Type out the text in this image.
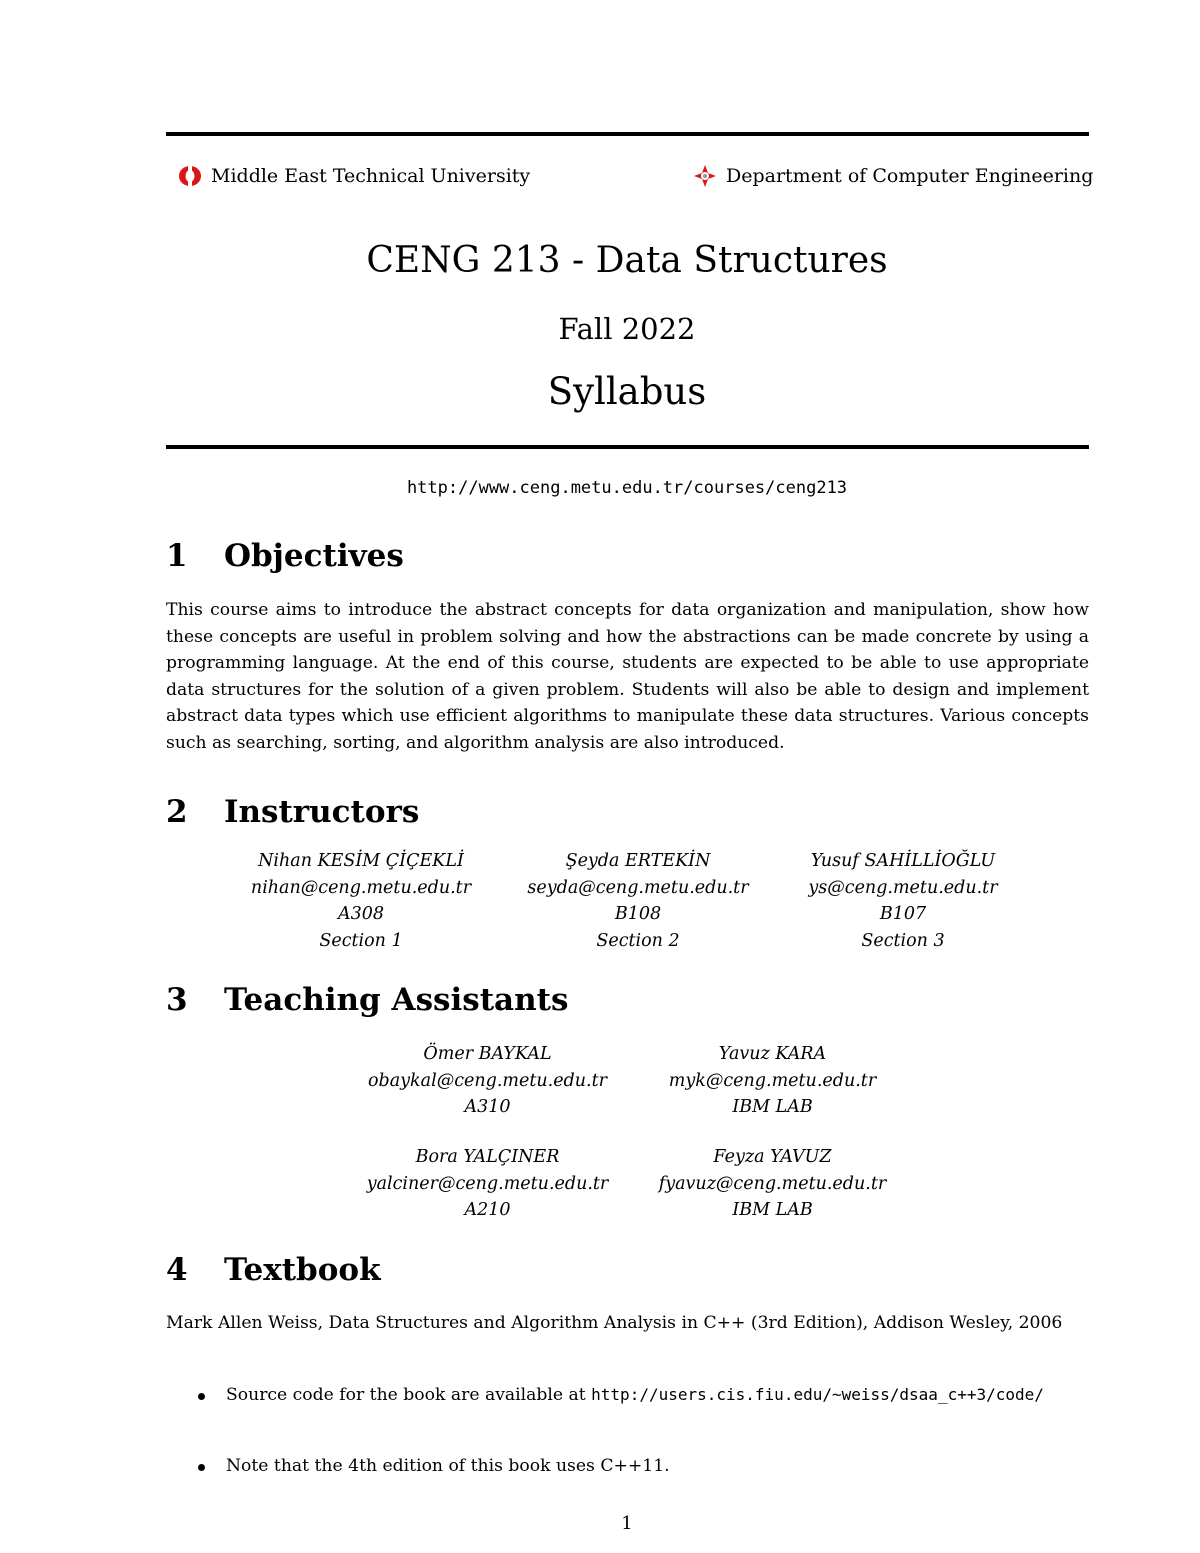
Middle East Technical University	Department of Computer Engineering
CENG 213 - Data Structures
Fall 2022
Syllabus
http://www.ceng.metu.edu.tr/courses/ceng213
1	Objectives
This course aims to introduce the abstract concepts for data organization and manipulation, show how these concepts are useful in problem solving and how the abstractions can be made concrete by using a programming language. At the end of this course, students are expected to be able to use appropriate data structures for the solution of a given problem. Students will also be able to design and implement abstract data types which use efficient algorithms to manipulate these data structures. Various concepts such as searching, sorting, and algorithm analysis are also introduced.
2	Instructors
Nihan KESİM ÇİÇEKLİ
nihan@ceng.metu.edu.tr
A308
Section 1
Şeyda ERTEKİN
seyda@ceng.metu.edu.tr
B108
Section 2
Yusuf SAHİLLİOĞLU
ys@ceng.metu.edu.tr
B107
Section 3
3	Teaching Assistants
Ömer BAYKAL
obaykal@ceng.metu.edu.tr
A310
Yavuz KARA
myk@ceng.metu.edu.tr
IBM LAB
Bora YALÇINER
yalciner@ceng.metu.edu.tr
A210
Feyza YAVUZ
fyavuz@ceng.metu.edu.tr
IBM LAB
4	Textbook
Mark Allen Weiss, Data Structures and Algorithm Analysis in C++ (3rd Edition), Addison Wesley, 2006
Source code for the book are available at http://users.cis.fiu.edu/~weiss/dsaa_c++3/code/
Note that the 4th edition of this book uses C++11.
1
